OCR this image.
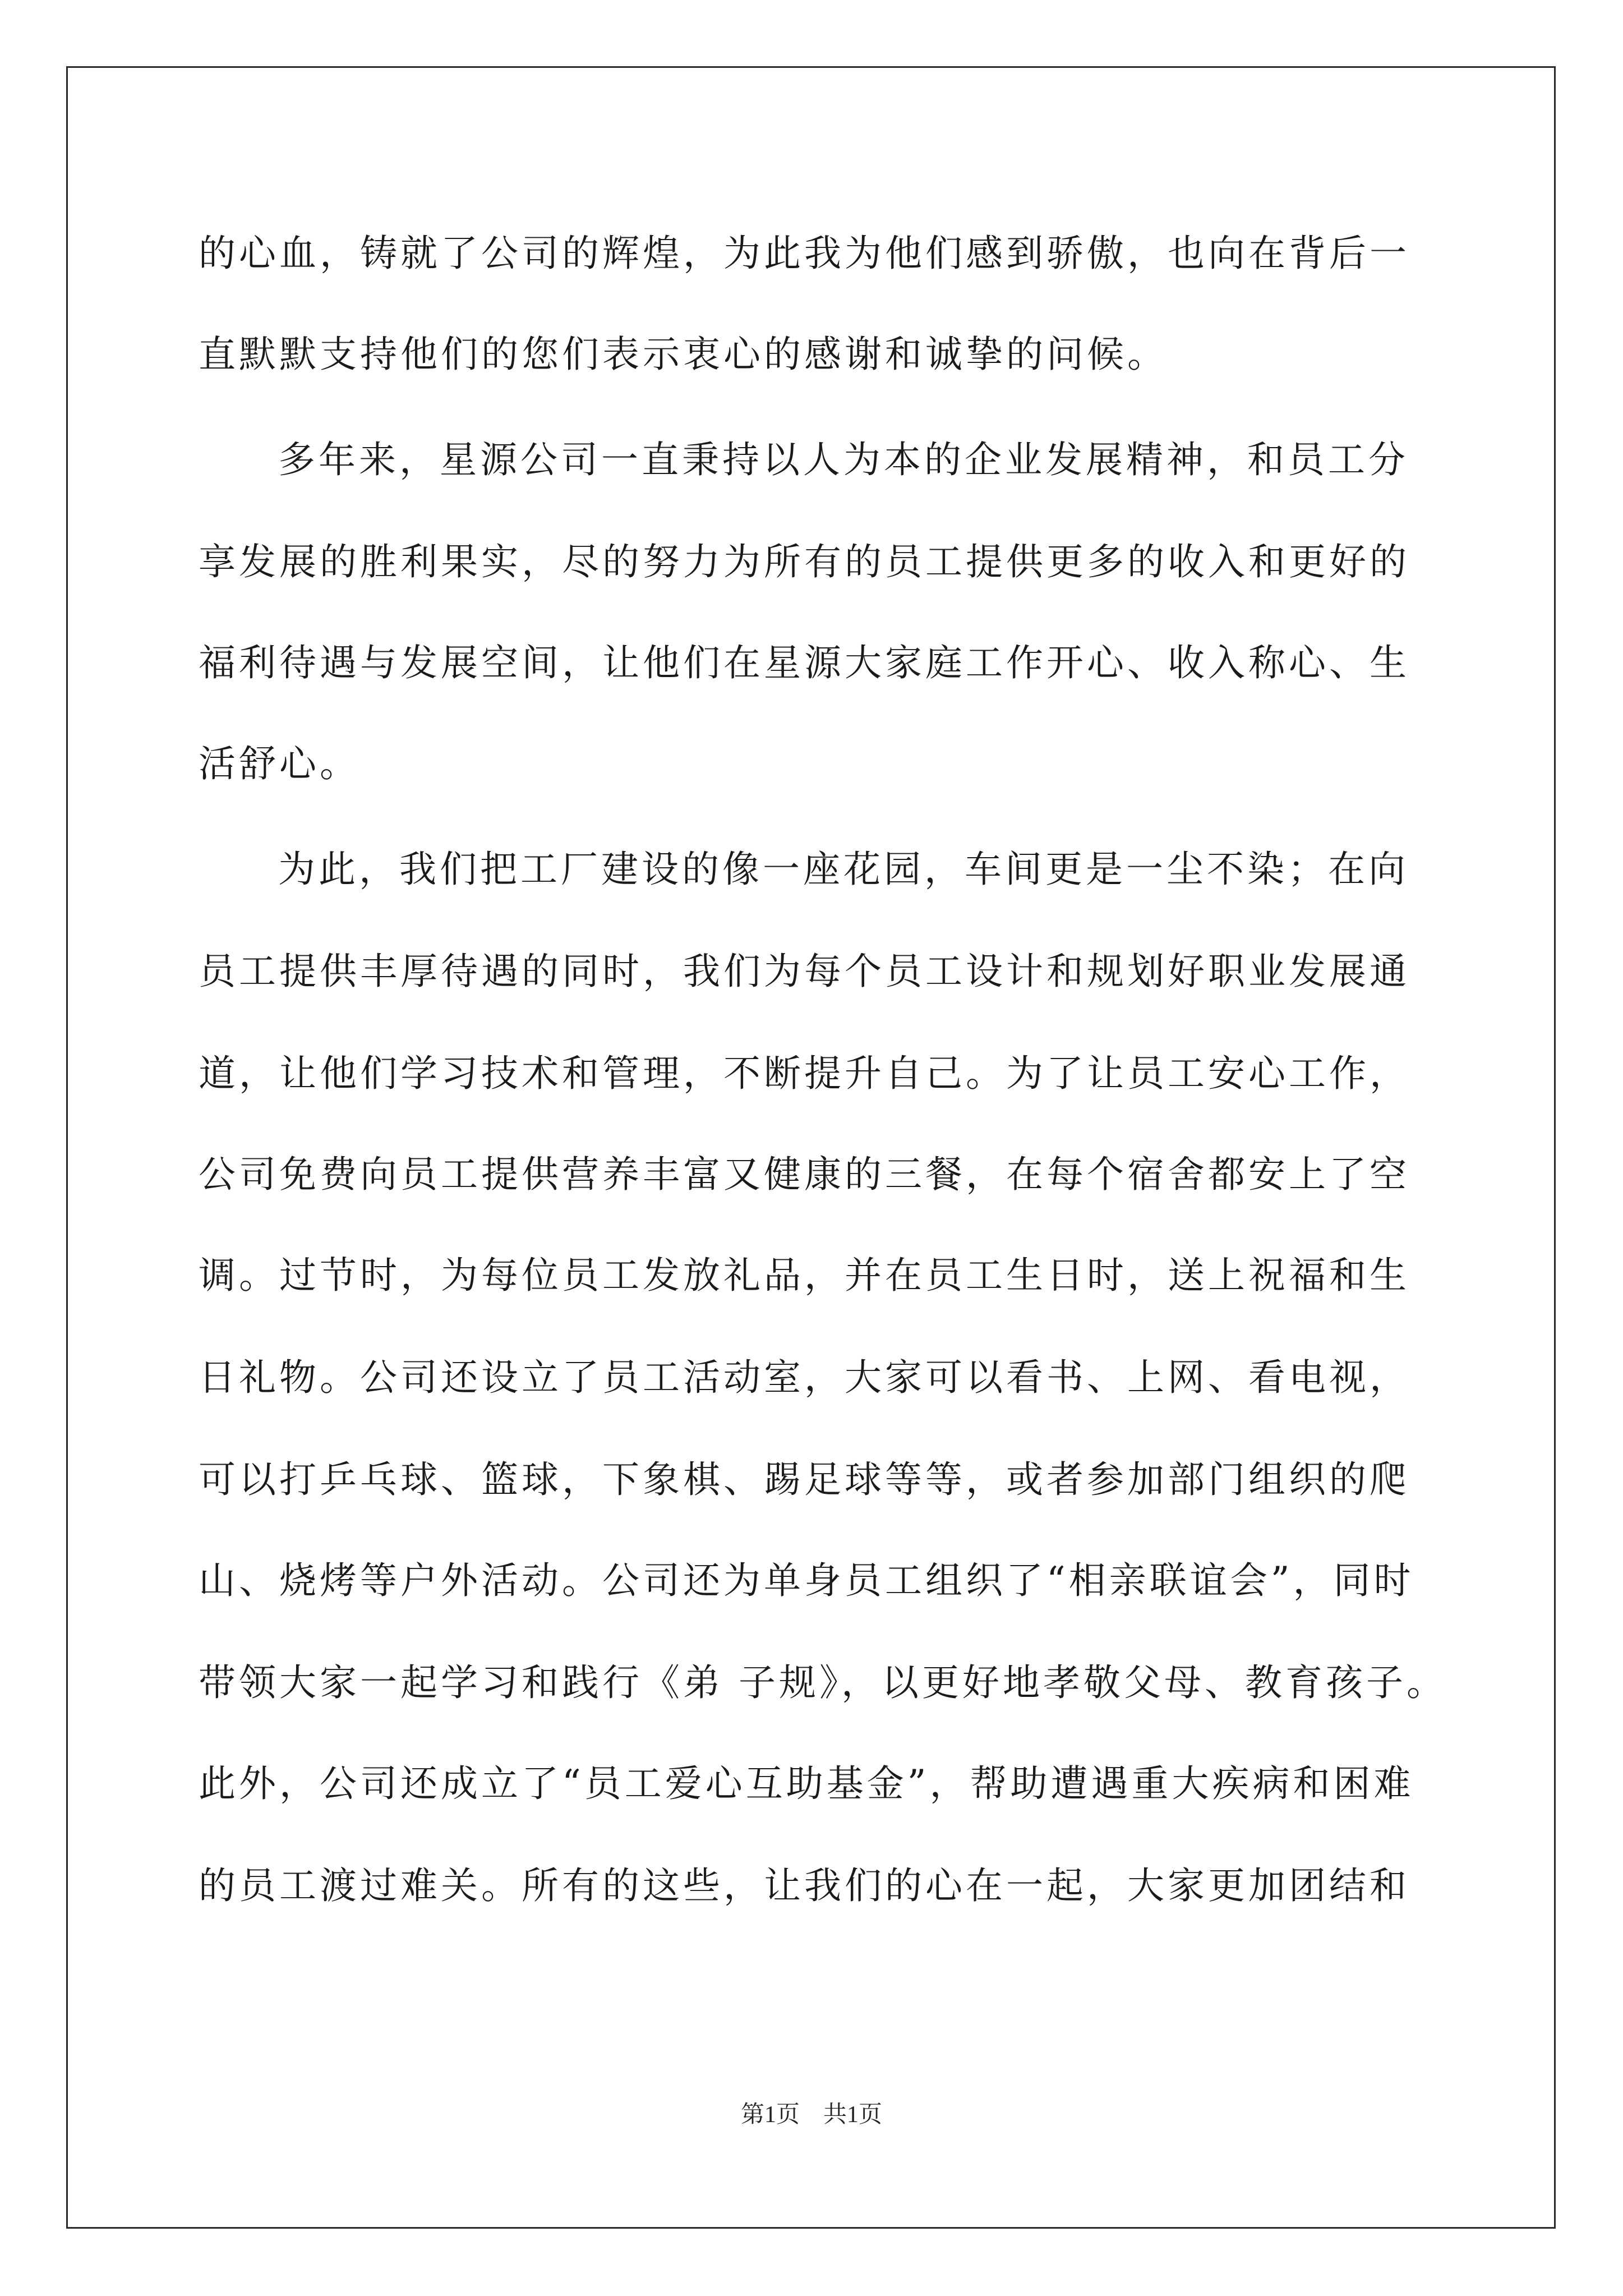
的心血，铸就了公司的辉煌，为此我为他们感到骄傲，也向在背后一
直默默支持他们的您们表示衷心的感谢和诚挚的问候。
多年来，星源公司一直秉持以人为本的企业发展精神，和员工分
享发展的胜利果实，尽的努力为所有的员工提供更多的收入和更好的
福利待遇与发展空间，让他们在星源大家庭工作开心、收入称心、生
活舒心。
为此，我们把工厂建设的像一座花园，车间更是一尘不染；在向
员工提供丰厚待遇的同时，我们为每个员工设计和规划好职业发展通
道，让他们学习技术和管理，不断提升自己。为了让员工安心工作，
公司免费向员工提供营养丰富又健康的三餐，在每个宿舍都安上了空
调。过节时，为每位员工发放礼品，并在员工生日时，送上祝福和生
日礼物。公司还设立了员工活动室，大家可以看书、上网、看电视，
可以打乒乓球、篮球，下象棋、踢足球等等，或者参加部门组织的爬
山、烧烤等户外活动。公司还为单身员工组织了“相亲联谊会”，同时
带领大家一起学习和践行《弟 子规》，以更好地孝敬父母、教育孩子。
此外，公司还成立了“员工爱心互助基金”，帮助遭遇重大疾病和困难
的员工渡过难关。所有的这些，让我们的心在一起，大家更加团结和
第1页　共1页
